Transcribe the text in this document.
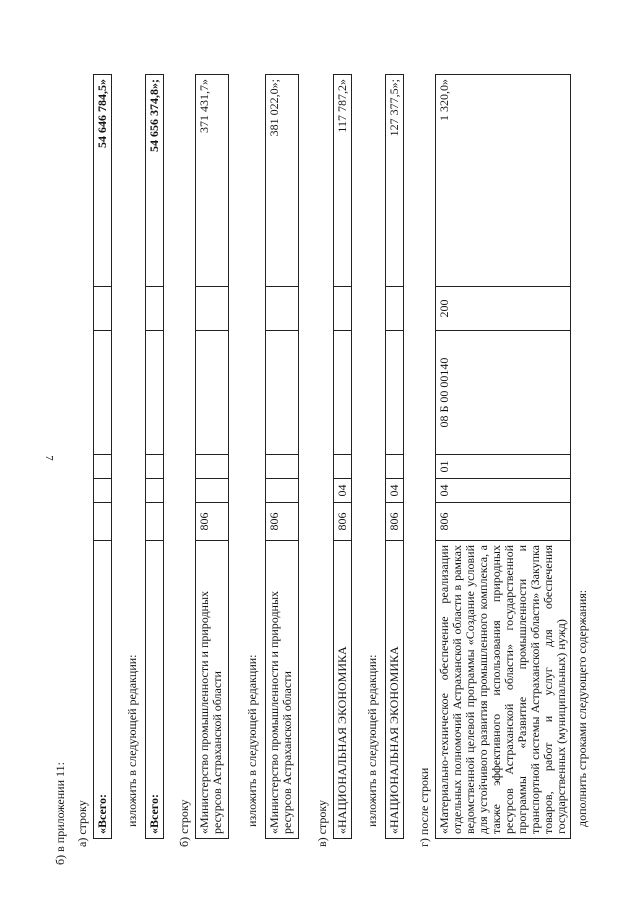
7
б) в приложении 11: а) строку «Всего:						54 646 784,5»
изложить в следующей редакции: «Всего:						54 656 374,8»;
б) строку «Министерство промышленности и природных ресурсов Астраханской области	806					371 431,7»
изложить в следующей редакции: «Министерство промышленности и природных ресурсов Астраханской области	806					381 022,0»;
в) строку «НАЦИОНАЛЬНАЯ ЭКОНОМИКА	806	04				117 787,2»
изложить в следующей редакции: «НАЦИОНАЛЬНАЯ ЭКОНОМИКА	806	04				127 377,5»;
г) после строки «Материально-техническое обеспечение реализации отдельных полномочий Астраханской области в рамках ведомственной целевой программы «Создание условий для устойчивого развития промышленного комплекса, а также эффективного использования природных ресурсов Астраханской области» государственной программы «Развитие промышленности и транспортной системы Астраханской области» (Закупка товаров, работ и услуг для обеспечения государственных (муниципальных) нужд)	806	04	01	08 Б 00 00140	200	1 320,0»
дополнить строками следующего содержания:
